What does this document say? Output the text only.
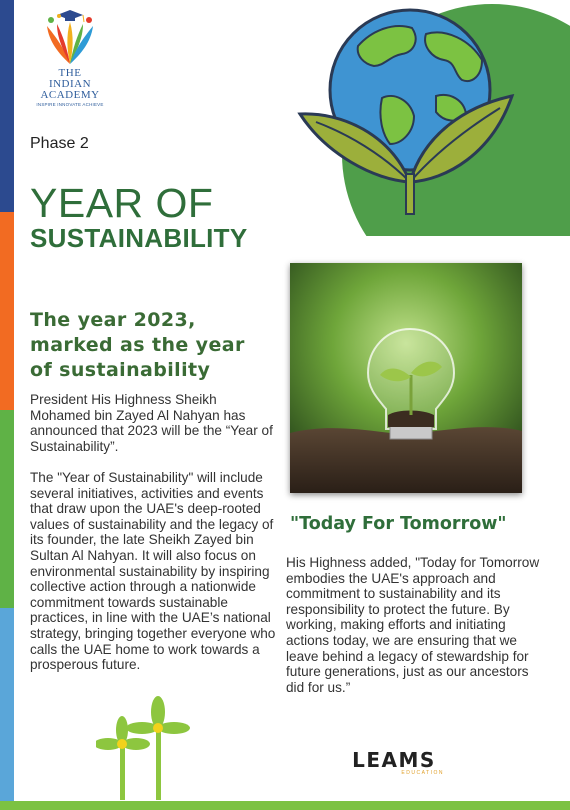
THE
INDIAN
ACADEMY
INSPIRE INNOVATE ACHIEVE
Phase 2
YEAR OF
SUSTAINABILITY
The year 2023,
marked as the year
of sustainability

President His Highness Sheikh Mohamed bin Zayed Al Nahyan has announced that 2023 will be the “Year of Sustainability”.

The "Year of Sustainability" will include several initiatives, activities and events that draw upon the UAE's deep-rooted values of sustainability and the legacy of its founder, the late Sheikh Zayed bin Sultan Al Nahyan. It will also focus on environmental sustainability by inspiring collective action through a nationwide commitment towards sustainable practices, in line with the UAE’s national strategy, bringing together everyone who calls the UAE home to work towards a prosperous future.

"Today For Tomorrow"

His Highness added, "Today for Tomorrow embodies the UAE's approach and commitment to sustainability and its responsibility to protect the future. By working, making efforts and initiating actions today, we are ensuring that we leave behind a legacy of stewardship for future generations, just as our ancestors did for us.”

LEAMS
EDUCATION
